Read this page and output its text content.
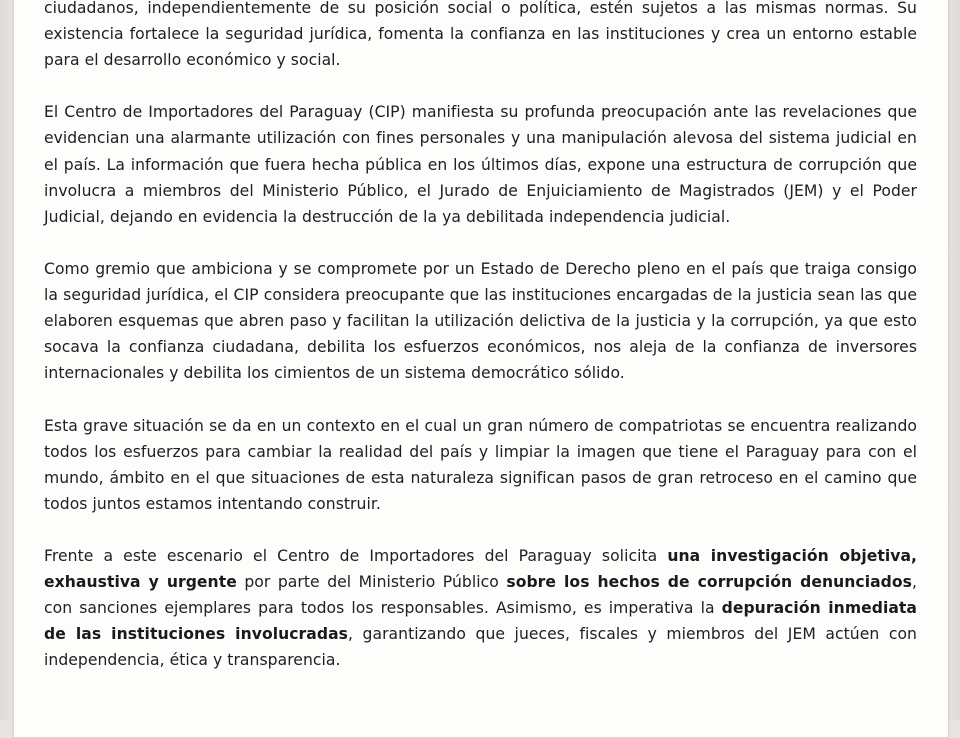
ciudadanos, independientemente de su posición social o política, estén sujetos a las mismas normas. Su existencia fortalece la seguridad jurídica, fomenta la confianza en las instituciones y crea un entorno estable para el desarrollo económico y social.

El Centro de Importadores del Paraguay (CIP) manifiesta su profunda preocupación ante las revelaciones que evidencian una alarmante utilización con fines personales y una manipulación alevosa del sistema judicial en el país. La información que fuera hecha pública en los últimos días, expone una estructura de corrupción que involucra a miembros del Ministerio Público, el Jurado de Enjuiciamiento de Magistrados (JEM) y el Poder Judicial, dejando en evidencia la destrucción de la ya debilitada independencia judicial.

Como gremio que ambiciona y se compromete por un Estado de Derecho pleno en el país que traiga consigo la seguridad jurídica, el CIP considera preocupante que las instituciones encargadas de la justicia sean las que elaboren esquemas que abren paso y facilitan la utilización delictiva de la justicia y la corrupción, ya que esto socava la confianza ciudadana, debilita los esfuerzos económicos, nos aleja de la confianza de inversores internacionales y debilita los cimientos de un sistema democrático sólido.

Esta grave situación se da en un contexto en el cual un gran número de compatriotas se encuentra realizando todos los esfuerzos para cambiar la realidad del país y limpiar la imagen que tiene el Paraguay para con el mundo, ámbito en el que situaciones de esta naturaleza significan pasos de gran retroceso en el camino que todos juntos estamos intentando construir.

Frente a este escenario el Centro de Importadores del Paraguay solicita una investigación objetiva, exhaustiva y urgente por parte del Ministerio Público sobre los hechos de corrupción denunciados, con sanciones ejemplares para todos los responsables. Asimismo, es imperativa la depuración inmediata de las instituciones involucradas, garantizando que jueces, fiscales y miembros del JEM actúen con independencia, ética y transparencia.
